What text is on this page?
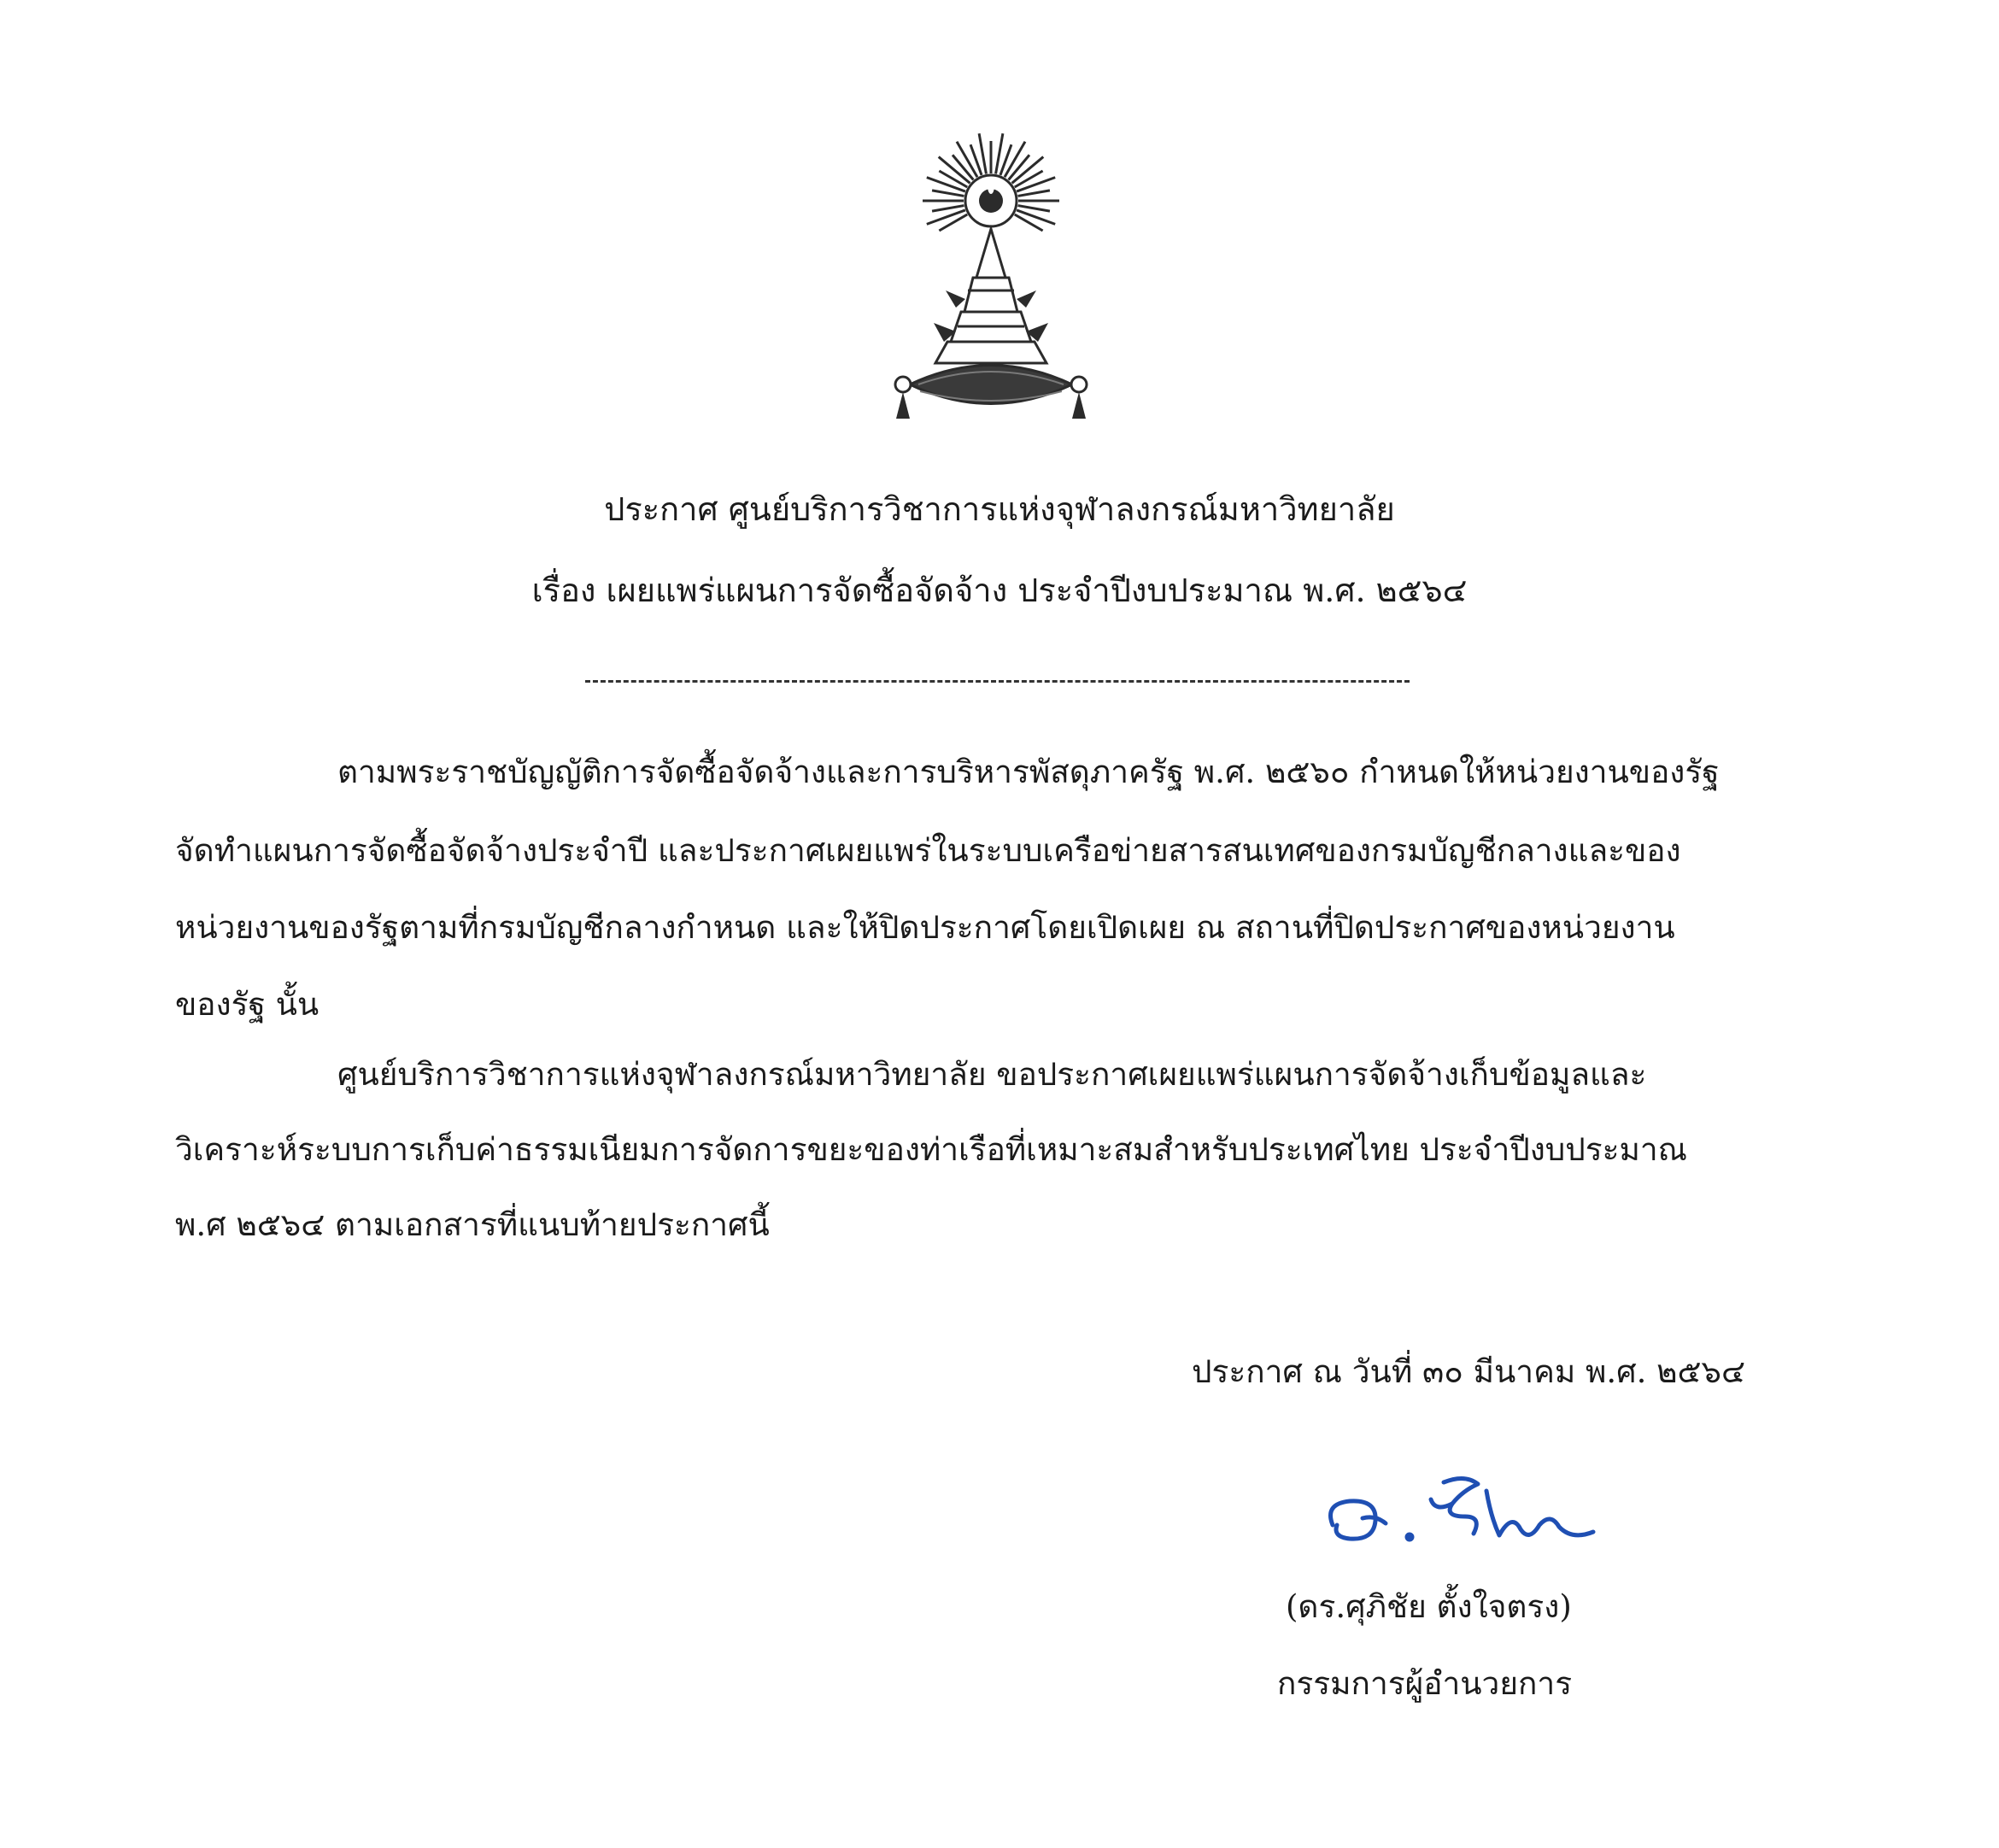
ประกาศ ศูนย์บริการวิชาการแห่งจุฬาลงกรณ์มหาวิทยาลัย
เรื่อง เผยแพร่แผนการจัดซื้อจัดจ้าง ประจำปีงบประมาณ พ.ศ. ๒๕๖๔
ตามพระราชบัญญัติการจัดซื้อจัดจ้างและการบริหารพัสดุภาครัฐ พ.ศ. ๒๕๖๐ กำหนดให้หน่วยงานของรัฐ
จัดทำแผนการจัดซื้อจัดจ้างประจำปี และประกาศเผยแพร่ในระบบเครือข่ายสารสนเทศของกรมบัญชีกลางและของ
หน่วยงานของรัฐตามที่กรมบัญชีกลางกำหนด และให้ปิดประกาศโดยเปิดเผย ณ สถานที่ปิดประกาศของหน่วยงาน
ของรัฐ นั้น
ศูนย์บริการวิชาการแห่งจุฬาลงกรณ์มหาวิทยาลัย ขอประกาศเผยแพร่แผนการจัดจ้างเก็บข้อมูลและ
วิเคราะห์ระบบการเก็บค่าธรรมเนียมการจัดการขยะของท่าเรือที่เหมาะสมสำหรับประเทศไทย ประจำปีงบประมาณ
พ.ศ ๒๕๖๔ ตามเอกสารที่แนบท้ายประกาศนี้
ประกาศ ณ วันที่ ๓๐ มีนาคม พ.ศ. ๒๕๖๔
(ดร.ศุภิชัย ตั้งใจตรง)
กรรมการผู้อำนวยการ
